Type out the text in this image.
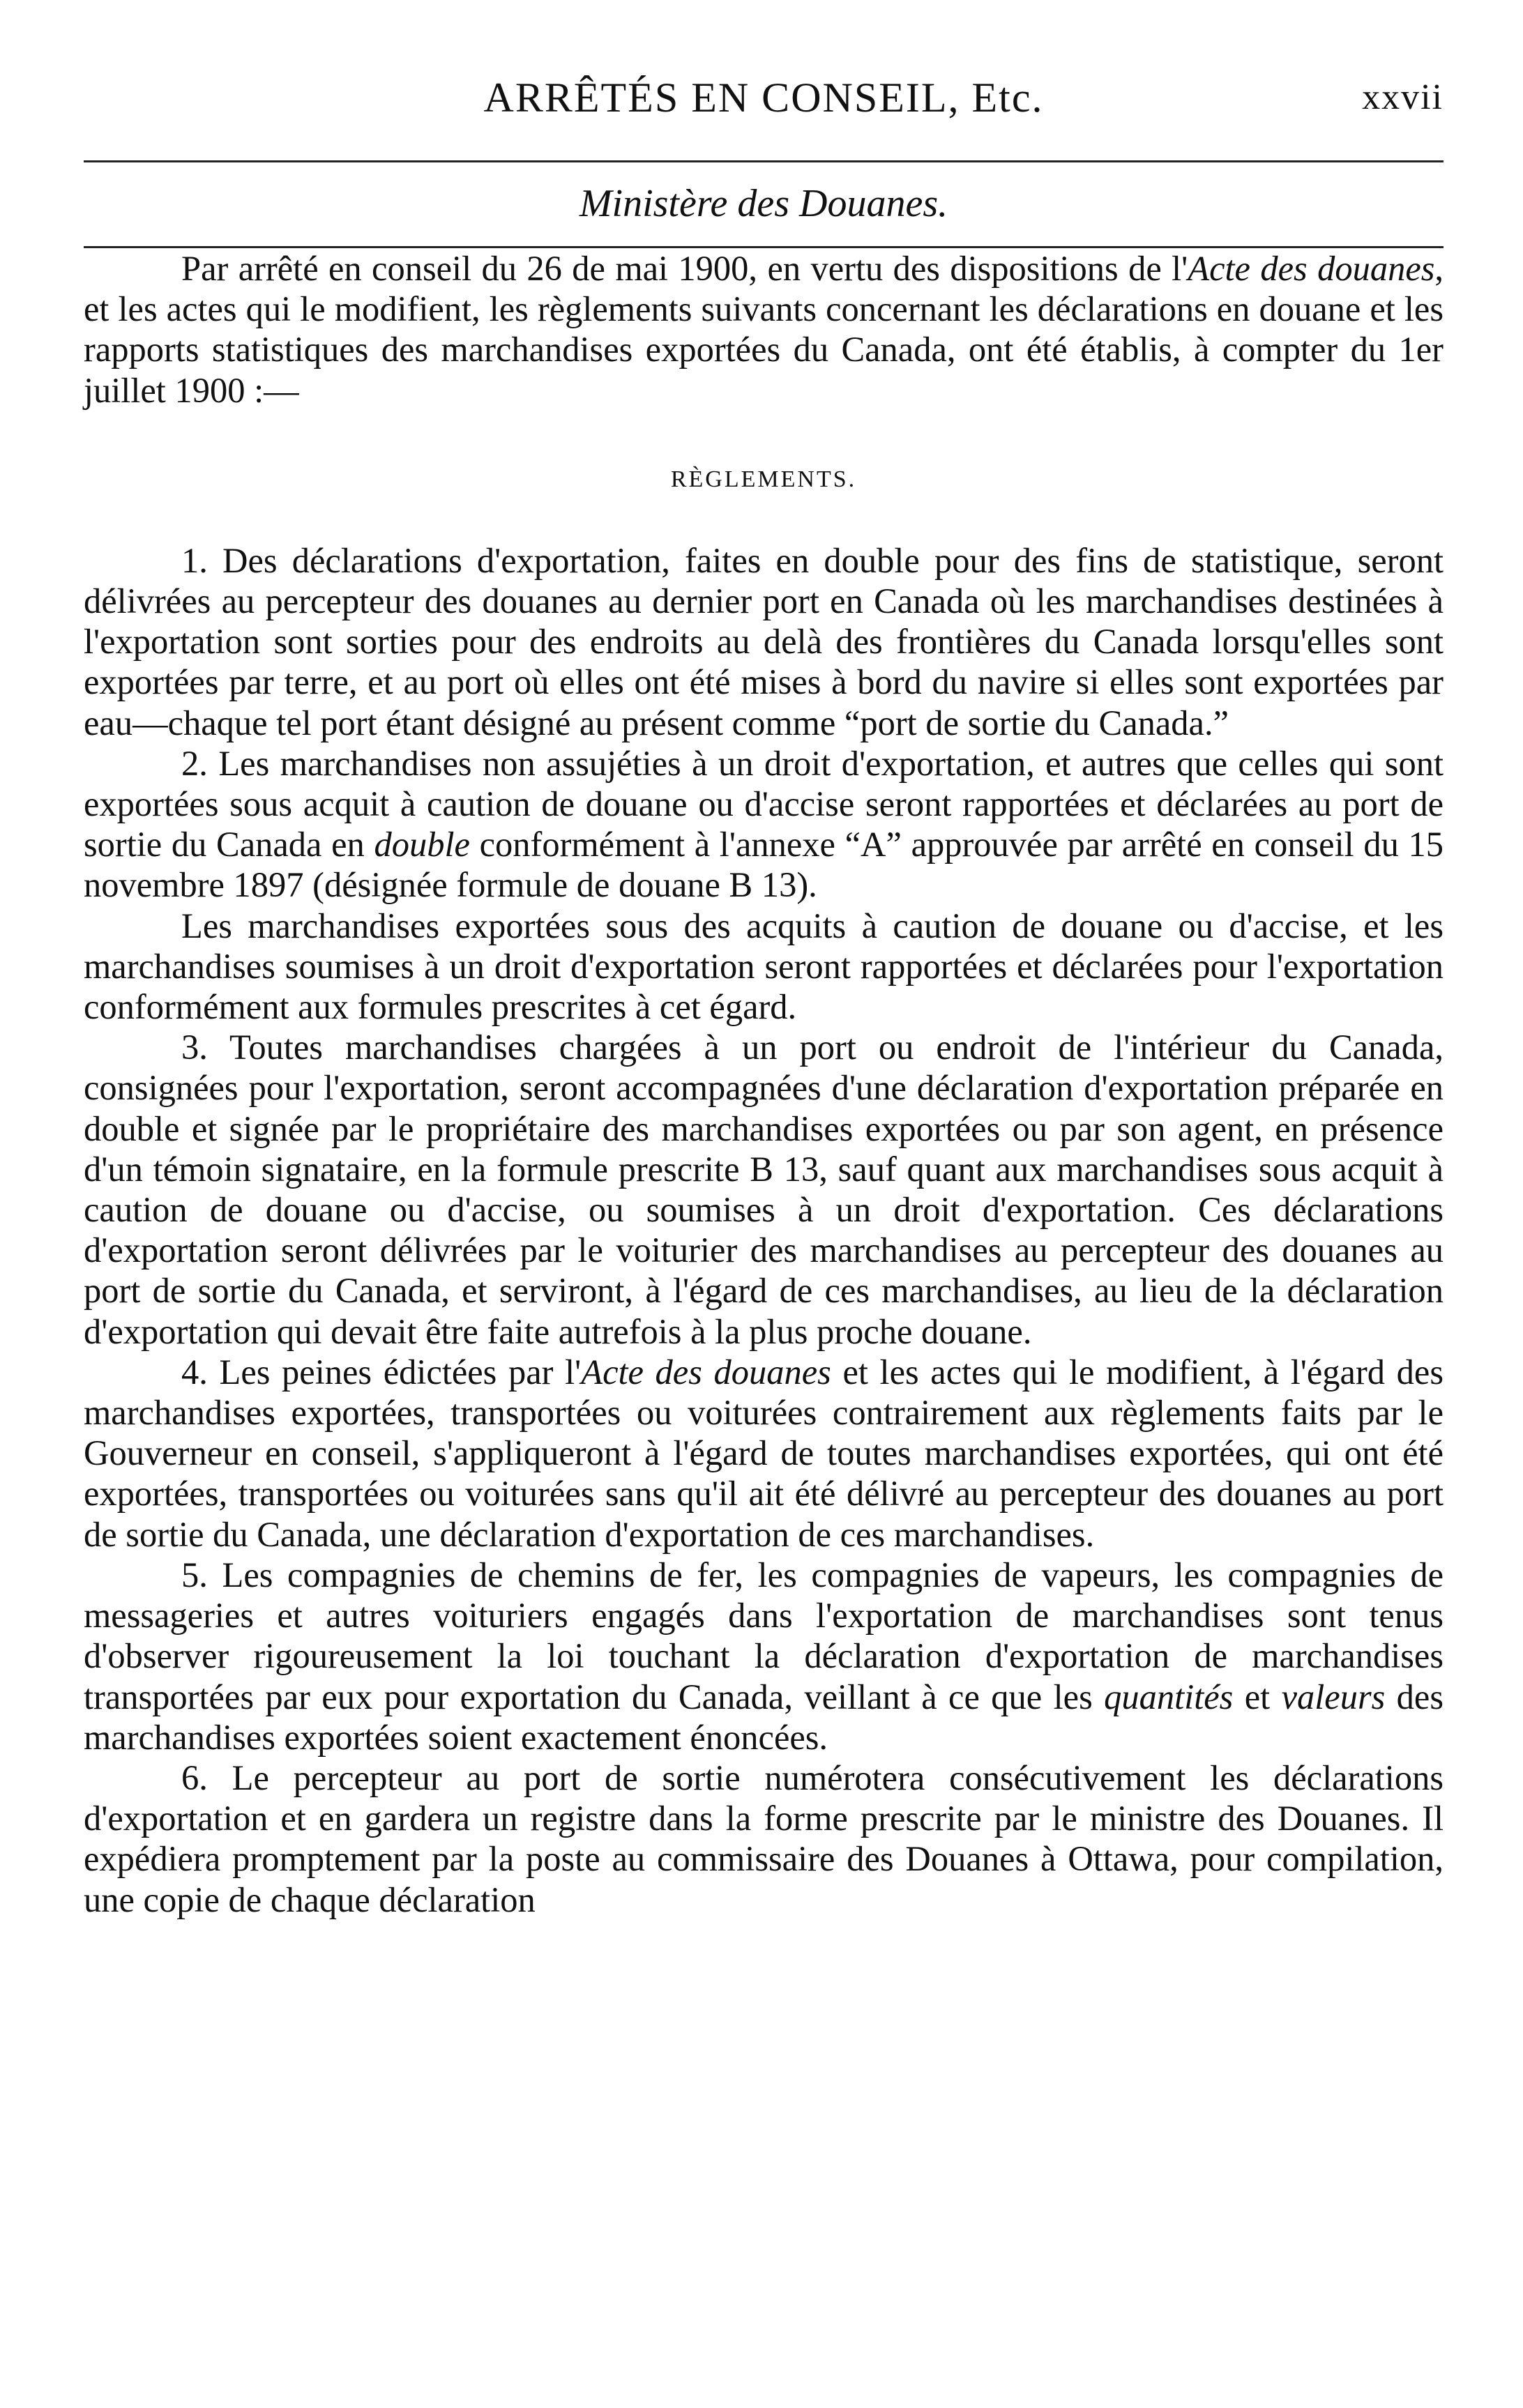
ARRÊTÉS EN CONSEIL, Etc.	xxvii
Ministère des Douanes.

Par arrêté en conseil du 26 de mai 1900, en vertu des dispositions de l'Acte des douanes, et les actes qui le modifient, les règlements suivants concernant les déclarations en douane et les rapports statistiques des marchandises exportées du Canada, ont été établis, à compter du 1er juillet 1900 :—

RÈGLEMENTS.

1. Des déclarations d'exportation, faites en double pour des fins de statistique, seront délivrées au percepteur des douanes au dernier port en Canada où les marchandises destinées à l'exportation sont sorties pour des endroits au delà des frontières du Canada lorsqu'elles sont exportées par terre, et au port où elles ont été mises à bord du navire si elles sont exportées par eau—chaque tel port étant désigné au présent comme “port de sortie du Canada.”

2. Les marchandises non assujéties à un droit d'exportation, et autres que celles qui sont exportées sous acquit à caution de douane ou d'accise seront rapportées et déclarées au port de sortie du Canada en double conformément à l'annexe “A” approuvée par arrêté en conseil du 15 novembre 1897 (désignée formule de douane B 13).

Les marchandises exportées sous des acquits à caution de douane ou d'accise, et les marchandises soumises à un droit d'exportation seront rapportées et déclarées pour l'exportation conformément aux formules prescrites à cet égard.

3. Toutes marchandises chargées à un port ou endroit de l'intérieur du Canada, consignées pour l'exportation, seront accompagnées d'une déclaration d'exportation préparée en double et signée par le propriétaire des marchandises exportées ou par son agent, en présence d'un témoin signataire, en la formule prescrite B 13, sauf quant aux marchandises sous acquit à caution de douane ou d'accise, ou soumises à un droit d'exportation. Ces déclarations d'exportation seront délivrées par le voiturier des marchandises au percepteur des douanes au port de sortie du Canada, et serviront, à l'égard de ces marchandises, au lieu de la déclaration d'exportation qui devait être faite autrefois à la plus proche douane.

4. Les peines édictées par l'Acte des douanes et les actes qui le modifient, à l'égard des marchandises exportées, transportées ou voiturées contrairement aux règlements faits par le Gouverneur en conseil, s'appliqueront à l'égard de toutes marchandises exportées, qui ont été exportées, transportées ou voiturées sans qu'il ait été délivré au percepteur des douanes au port de sortie du Canada, une déclaration d'exportation de ces marchandises.

5. Les compagnies de chemins de fer, les compagnies de vapeurs, les compagnies de messageries et autres voituriers engagés dans l'exportation de marchandises sont tenus d'observer rigoureusement la loi touchant la déclaration d'exportation de marchandises transportées par eux pour exportation du Canada, veillant à ce que les quantités et valeurs des marchandises exportées soient exactement énoncées.

6. Le percepteur au port de sortie numérotera consécutivement les déclarations d'exportation et en gardera un registre dans la forme prescrite par le ministre des Douanes. Il expédiera promptement par la poste au commissaire des Douanes à Ottawa, pour compilation, une copie de chaque déclaration
